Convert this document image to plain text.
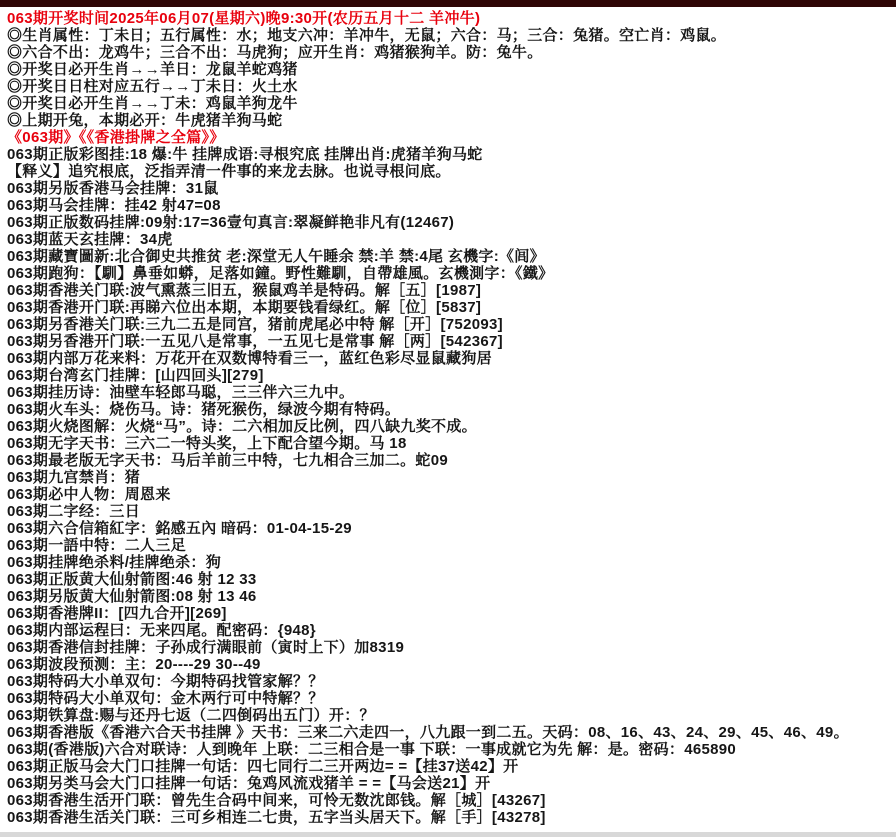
063期开奖时间2025年06月07(星期六)晚9:30开(农历五月十二 羊冲牛)
◎生肖属性：丁未日；五行属性：水；地支六冲：羊冲牛，无鼠；六合：马；三合：兔猪。空亡肖：鸡鼠。
◎六合不出：龙鸡牛；三合不出：马虎狗；应开生肖：鸡猪猴狗羊。防：兔牛。
◎开奖日必开生肖→→羊日：龙鼠羊蛇鸡猪
◎开奖日日柱对应五行→→丁未日：火土水
◎开奖日必开生肖→→丁未：鸡鼠羊狗龙牛
◎上期开兔，本期必开：牛虎猪羊狗马蛇
《063期》《《香港掛牌之全篇》》
063期正版彩图挂:18 爆:牛 挂牌成语:寻根究底 挂牌出肖:虎猪羊狗马蛇
【释义】追究根底，泛指弄清一件事的来龙去脉。也说寻根问底。
063期另版香港马会挂牌：31鼠
063期马会挂牌：挂42 射47=08
063期正版数码挂牌:09射:17=36壹句真言:翠凝鲜艳非凡有(12467)
063期蓝天玄挂牌：34虎
063期藏寶圖新:北合御史共推贫 老:深堂无人午睡余 禁:羊 禁:4尾 玄機字:《闾》
063期跑狗：【馴】鼻垂如蟒，足落如鐘。野性難馴，自帶雄風。玄機測字：《鐵》
063期香港关门联:波气熏蒸三旧五，猴鼠鸡羊是特码。解［五］[1987]
063期香港开门联:再睇六位出本期，本期要钱看绿红。解［位］[5837]
063期另香港关门联:三九二五是同宫，猪前虎尾必中特 解［开］[752093]
063期另香港开门联:一五见八是常事，一五见七是常事 解［两］[542367]
063期内部万花来料：万花开在双数博特看三一，蓝红色彩尽显鼠藏狗居
063期台湾玄门挂牌：[山四回头][279]
063期挂历诗：油壁车轻郎马聪，三三伴六三九中。
063期火车头：烧伤马。诗：猪死猴伤，绿波今期有特码。
063期火烧图解：火烧“马”。诗：二六相加反比例，四八缺九奖不成。
063期无字天书：三六二一特头奖，上下配合望今期。马 18
063期最老版无字天书：马后羊前三中特，七九相合三加二。蛇09
063期九宫禁肖：猪
063期必中人物：周恩来
063期二字经：三日
063期六合信箱紅字：銘感五內 暗码：01-04-15-29
063期一語中特：二人三足
063期挂牌绝杀料/挂牌绝杀：狗
063期正版黄大仙射箭图:46 射 12 33
063期另版黄大仙射箭图:08 射 13 46
063期香港牌II：[四九合开][269]
063期内部运程曰：无来四尾。配密码：{948}
063期香港信封挂牌：子孙成行满眼前（寅时上下）加8319
063期波段预测：主：20----29 30--49
063期特码大小单双句：今期特码找管家解？？
063期特码大小单双句：金木两行可中特解？？
063期铁算盘:赐与还丹七返（二四倒码出五门）开：？
063期香港版《香港六合天书挂牌 》天书：三来二六走四一，八九跟一到二五。天码：08、16、43、24、29、45、46、49。
063期(香港版)六合对联诗：人到晚年 上联：二三相合是一事 下联：一事成就它为先 解：是。密码：465890
063期正版马会大门口挂牌一句话：四七同行二三开两边= =【挂37送42】开
063期另类马会大门口挂牌一句话：兔鸡风流戏猪羊 = =【马会送21】开
063期香港生活开门联：曾先生合码中间来，可怜无数沈郎钱。解［城］[43267]
063期香港生活关门联：三可乡相连二七贵，五字当头居天下。解［手］[43278]
